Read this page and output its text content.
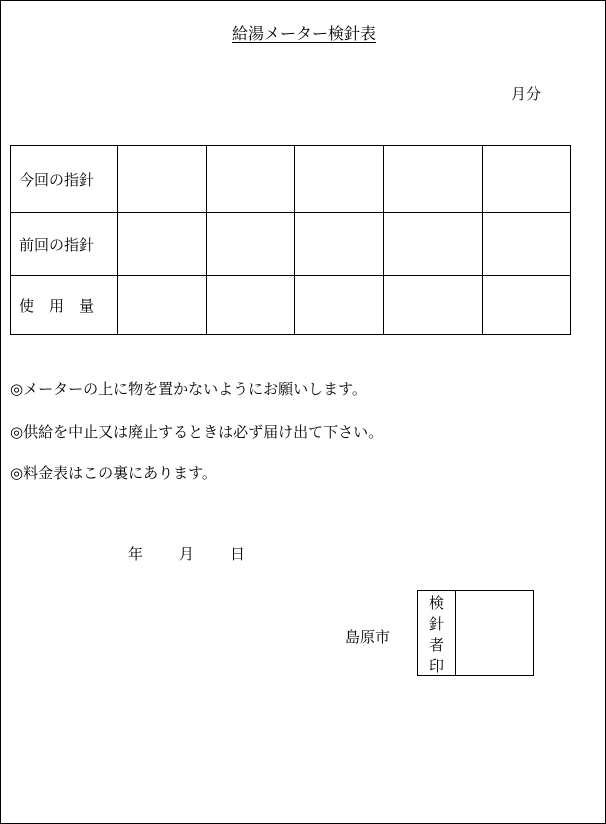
給湯メーター検針表
月分
今回の指針					
前回の指針					
使　用　量					
◎メーターの上に物を置かないようにお願いします。
◎供給を中止又は廃止するときは必ず届け出て下さい。
◎料金表はこの裏にあります。
年 月 日
島原市
検
針
者
印
